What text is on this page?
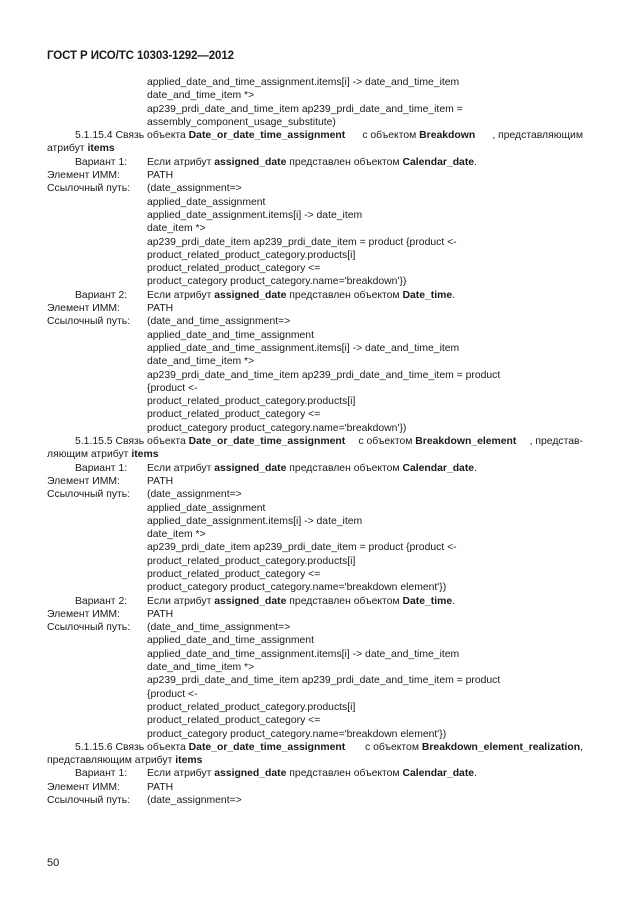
ГОСТ Р ИСО/ТС 10303-1292—2012
applied_date_and_time_assignment.items[i] -> date_and_time_item
date_and_time_item *>
ap239_prdi_date_and_time_item ap239_prdi_date_and_time_item =
assembly_component_usage_substitute)
5.1.15.4 Связь объекта Date_or_date_time_assignment с объектом Breakdown , представляющим
атрибут items
Вариант 1: Если атрибут assigned_date представлен объектом Calendar_date.
Элемент ИММ:	PATH
Ссылочный путь: (date_assignment=>
applied_date_assignment
applied_date_assignment.items[i] -> date_item
date_item *>
ap239_prdi_date_item ap239_prdi_date_item = product {product <-
product_related_product_category.products[i]
product_related_product_category <=
product_category product_category.name='breakdown'})
Вариант 2: Если атрибут assigned_date представлен объектом Date_time.
Элемент ИММ:	PATH
Ссылочный путь: (date_and_time_assignment=>
applied_date_and_time_assignment
applied_date_and_time_assignment.items[i] -> date_and_time_item
date_and_time_item *>
ap239_prdi_date_and_time_item ap239_prdi_date_and_time_item = product
{product <-
product_related_product_category.products[i]
product_related_product_category <=
product_category product_category.name='breakdown'})
5.1.15.5 Связь объекта Date_or_date_time_assignment с объектом Breakdown_element , представ-
ляющим атрибут items
Вариант 1: Если атрибут assigned_date представлен объектом Calendar_date.
Элемент ИММ:	PATH
Ссылочный путь: (date_assignment=>
applied_date_assignment
applied_date_assignment.items[i] -> date_item
date_item *>
ap239_prdi_date_item ap239_prdi_date_item = product {product <-
product_related_product_category.products[i]
product_related_product_category <=
product_category product_category.name='breakdown element'})
Вариант 2: Если атрибут assigned_date представлен объектом Date_time.
Элемент ИММ:	PATH
Ссылочный путь: (date_and_time_assignment=>
applied_date_and_time_assignment
applied_date_and_time_assignment.items[i] -> date_and_time_item
date_and_time_item *>
ap239_prdi_date_and_time_item ap239_prdi_date_and_time_item = product
{product <-
product_related_product_category.products[i]
product_related_product_category <=
product_category product_category.name='breakdown element'})
5.1.15.6 Связь объекта Date_or_date_time_assignment с объектом Breakdown_element_realization,
представляющим атрибут items
Вариант 1: Если атрибут assigned_date представлен объектом Calendar_date.
Элемент ИММ:	PATH
Ссылочный путь: (date_assignment=>
50
